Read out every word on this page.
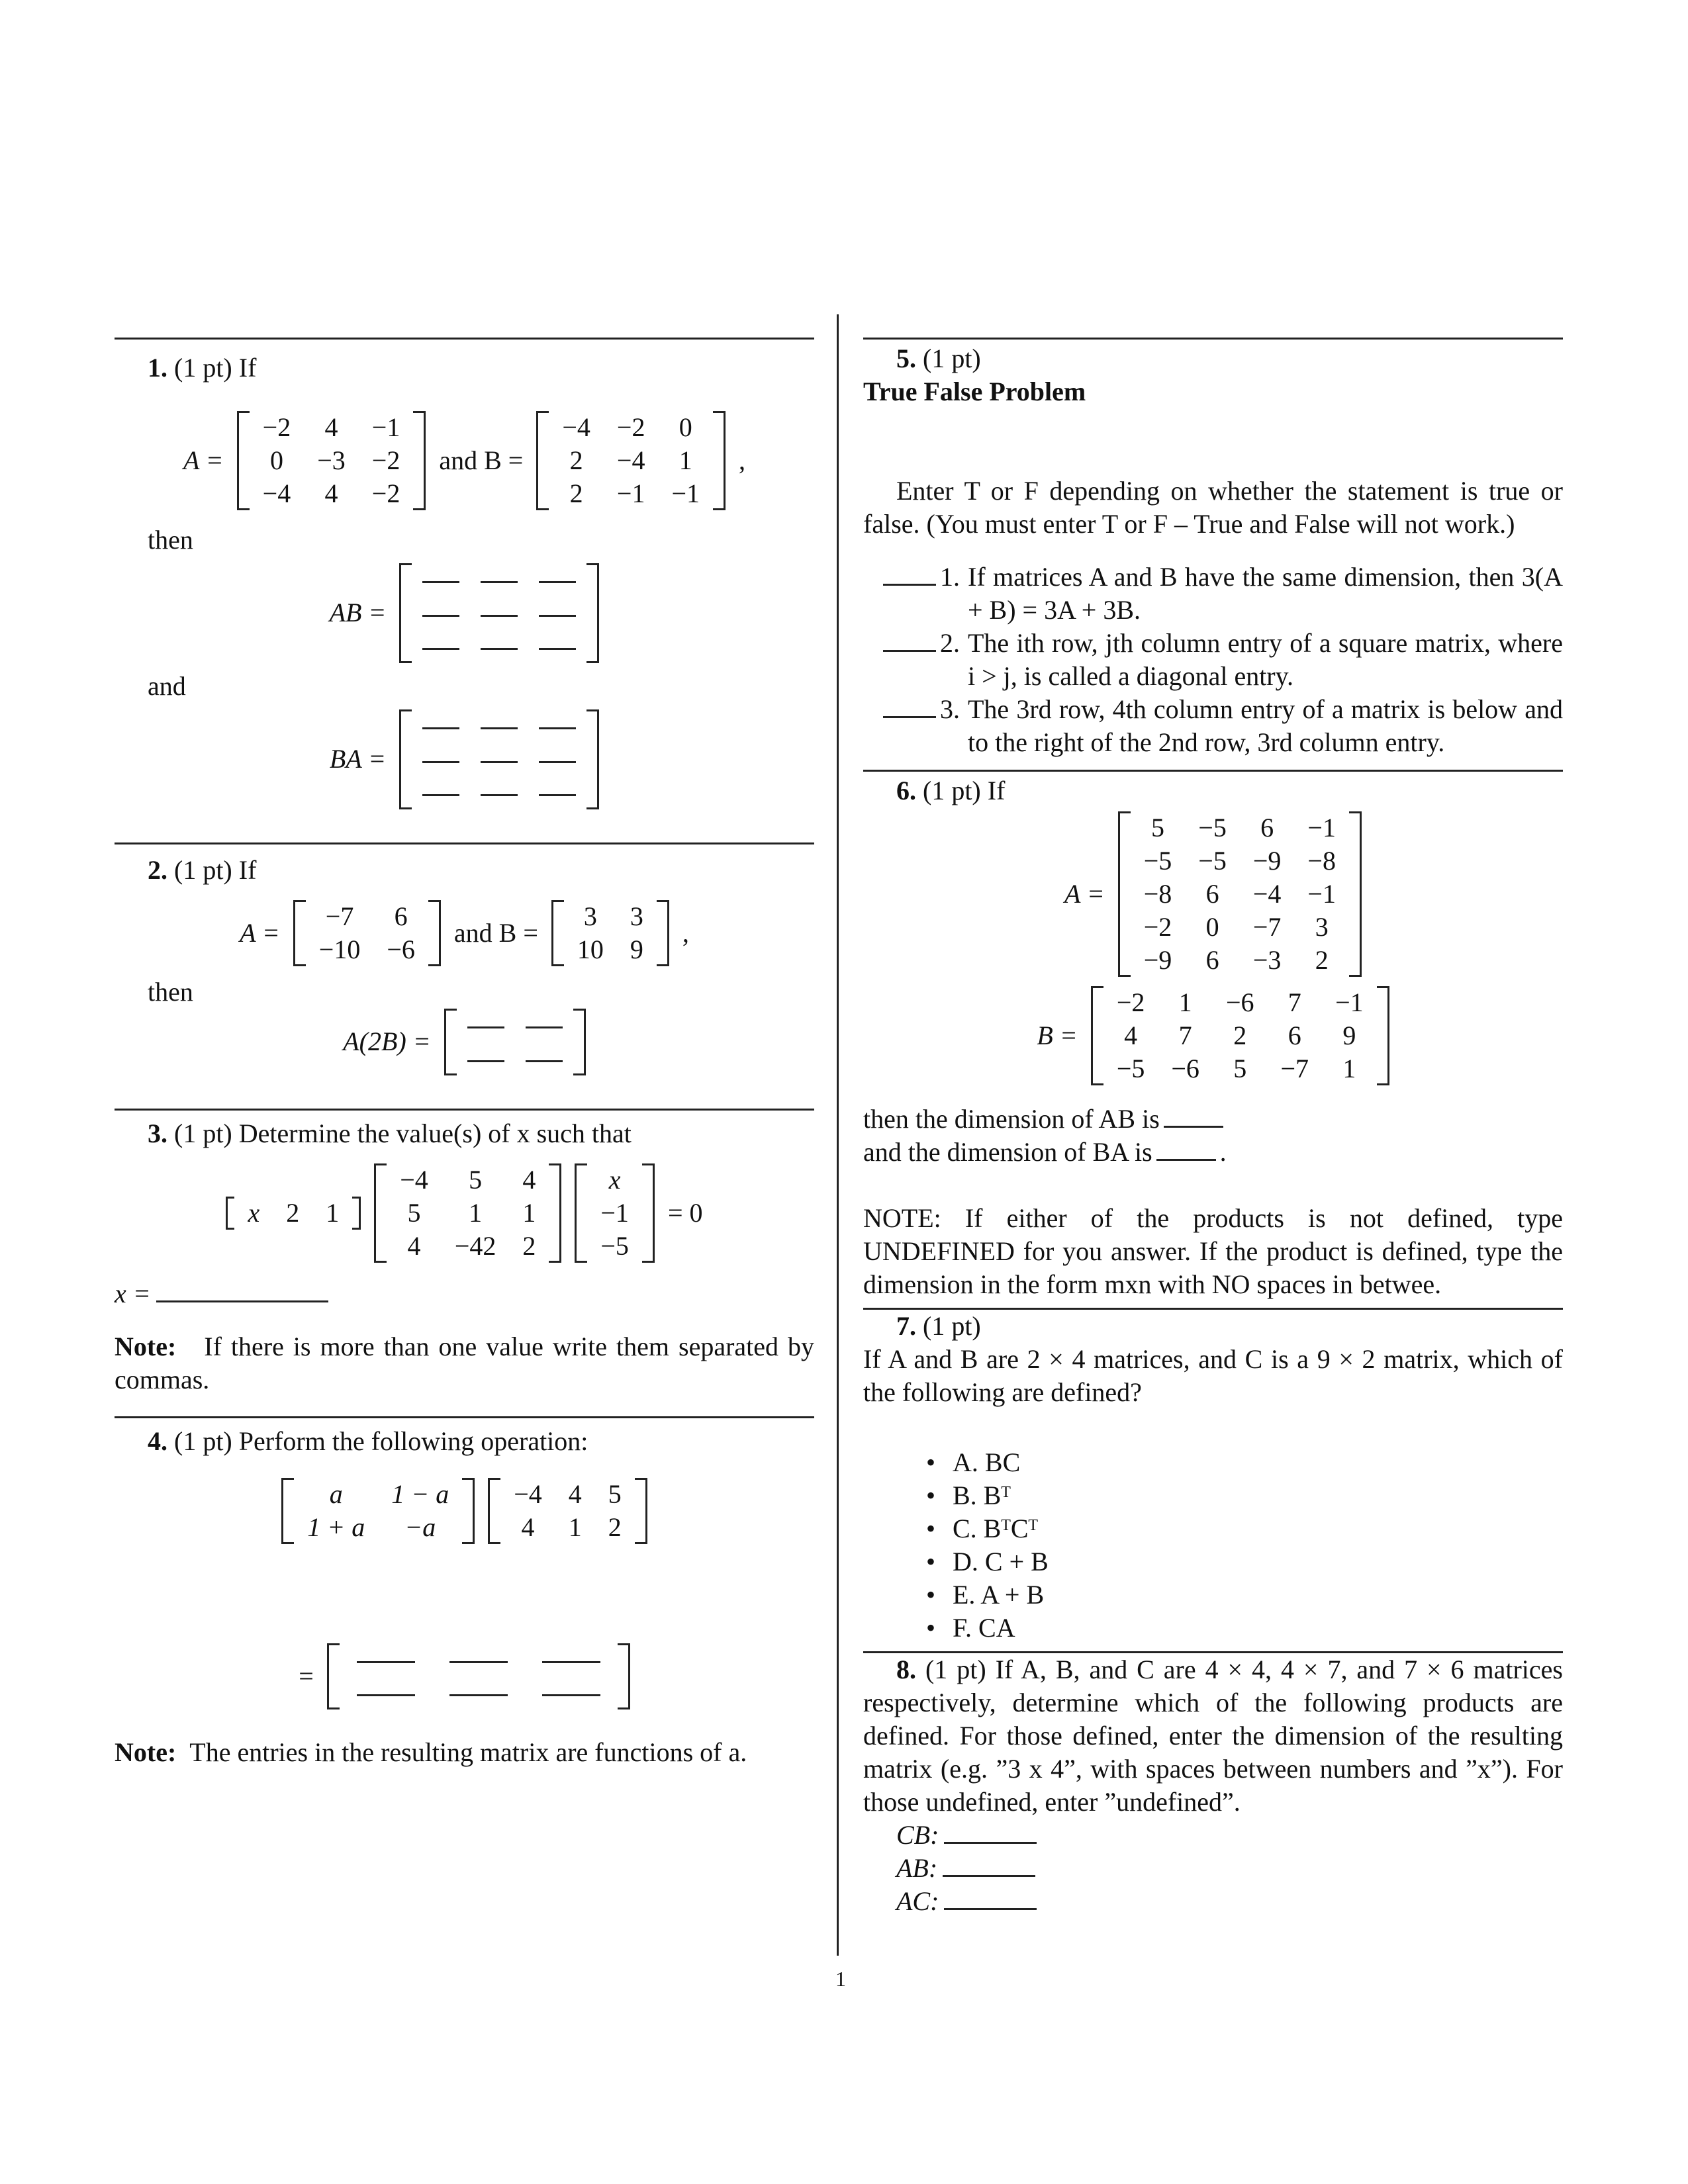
1. (1 pt) If

A =
−2	4	−1
0	−3	−2
−4	4	−2
and B =
−4	−2	0
2	−4	1
2	−1	−1
,

then

AB =

and

BA =

2. (1 pt) If

A =
−7	6
−10	−6
and B =
3	3
10	9
,

then

A(2B) =

3. (1 pt) Determine the value(s) of x such that

x	2	1
−4	5	4
5	1	1
4	−42	2
x
−1
−5
= 0

x =

Note: If there is more than one value write them separated by commas.

4. (1 pt) Perform the following operation:

a	1 − a
1 + a	−a
−4	4	5
4	1	2
=

Note: The entries in the resulting matrix are functions of a.

5. (1 pt)

True False Problem

Enter T or F depending on whether the statement is true or false. (You must enter T or F – True and False will not work.)

1. If matrices A and B have the same dimension, then 3(A + B) = 3A + 3B.
2. The ith row, jth column entry of a square matrix, where i > j, is called a diagonal entry.
3. The 3rd row, 4th column entry of a matrix is below and to the right of the 2nd row, 3rd column entry.

6. (1 pt) If

A =
5	−5	6	−1
−5	−5	−9	−8
−8	6	−4	−1
−2	0	−7	3
−9	6	−3	2
B =
−2	1	−6	7	−1
4	7	2	6	9
−5	−6	5	−7	1

then the dimension of AB is

and the dimension of BA is	.

NOTE: If either of the products is not defined, type UNDEFINED for you answer. If the product is defined, type the dimension in the form mxn with NO spaces in betwee.

7. (1 pt)

If A and B are 2 × 4 matrices, and C is a 9 × 2 matrix, which of the following are defined?

• A. BC
• B. Bᵀ
• C. BᵀCᵀ
• D. C + B
• E. A + B
• F. CA

8. (1 pt) If A, B, and C are 4 × 4, 4 × 7, and 7 × 6 matrices respectively, determine which of the following products are defined. For those defined, enter the dimension of the resulting matrix (e.g. ”3 x 4”, with spaces between numbers and ”x”). For those undefined, enter ”undefined”.

CB:

AB:

AC:

1
